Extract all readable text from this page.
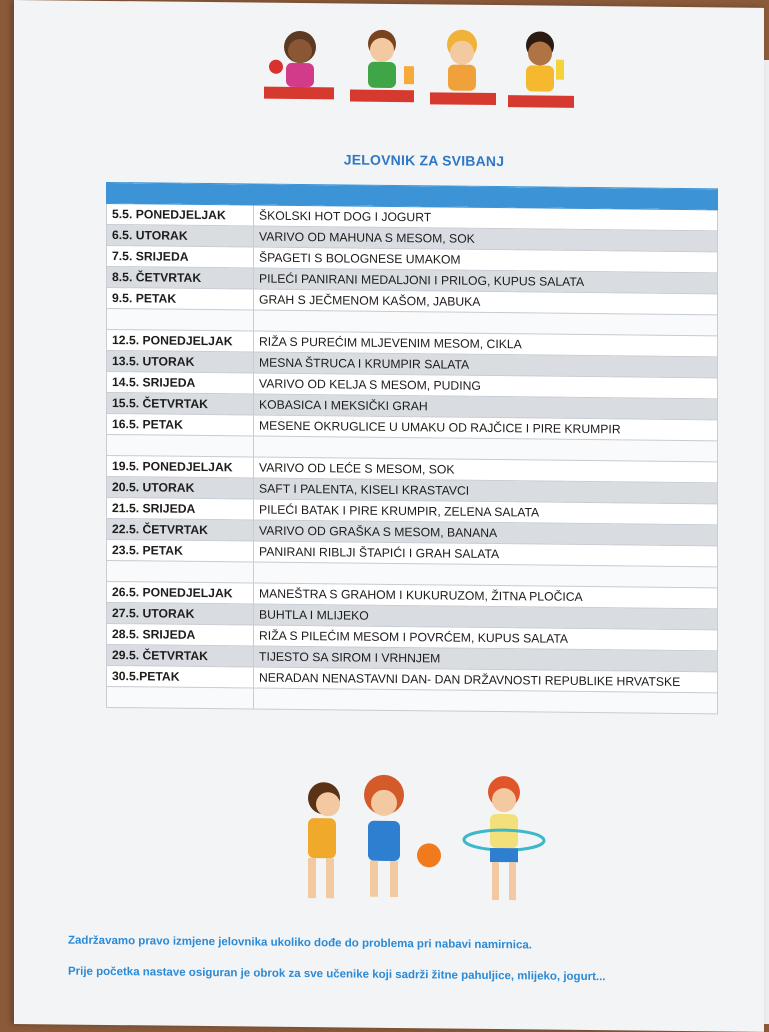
JELOVNIK ZA SVIBANJ

5.5. PONEDJELJAK	ŠKOLSKI HOT DOG I JOGURT
6.5. UTORAK	VARIVO OD MAHUNA S MESOM, SOK
7.5. SRIJEDA	ŠPAGETI S BOLOGNESE UMAKOM
8.5. ČETVRTAK	PILEĆI PANIRANI MEDALJONI I PRILOG, KUPUS SALATA
9.5. PETAK	GRAH S JEČMENOM KAŠOM, JABUKA

12.5. PONEDJELJAK	RIŽA S PUREĆIM MLJEVENIM MESOM, CIKLA
13.5. UTORAK	MESNA ŠTRUCA I KRUMPIR SALATA
14.5. SRIJEDA	VARIVO OD KELJA S MESOM, PUDING
15.5. ČETVRTAK	KOBASICA I MEKSIČKI GRAH
16.5. PETAK	MESENE OKRUGLICE U UMAKU OD RAJČICE I PIRE KRUMPIR

19.5. PONEDJELJAK	VARIVO OD LEĆE S MESOM, SOK
20.5. UTORAK	SAFT I PALENTA, KISELI KRASTAVCI
21.5. SRIJEDA	PILEĆI BATAK I PIRE KRUMPIR, ZELENA SALATA
22.5. ČETVRTAK	VARIVO OD GRAŠKA S MESOM, BANANA
23.5. PETAK	PANIRANI RIBLJI ŠTAPIĆI I GRAH SALATA

26.5. PONEDJELJAK	MANEŠTRA S GRAHOM I KUKURUZOM, ŽITNA PLOČICA
27.5. UTORAK	BUHTLA I MLIJEKO
28.5. SRIJEDA	RIŽA S PILEĆIM MESOM I POVRĆEM, KUPUS SALATA
29.5. ČETVRTAK	TIJESTO SA SIROM I VRHNJEM
30.5.PETAK	NERADAN NENASTAVNI DAN- DAN DRŽAVNOSTI REPUBLIKE HRVATSKE

Zadržavamo pravo izmjene jelovnika ukoliko dođe do problema pri nabavi namirnica.
Prije početka nastave osiguran je obrok za sve učenike koji sadrži žitne pahuljice, mlijeko, jogurt...
